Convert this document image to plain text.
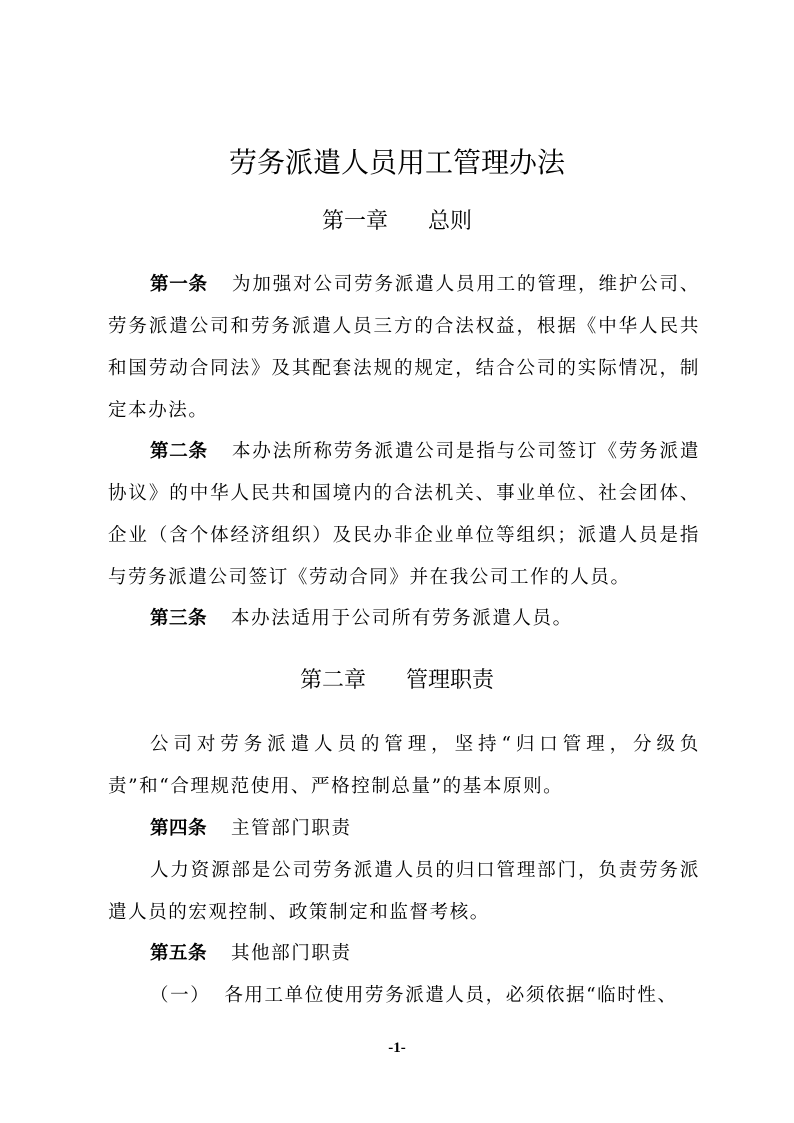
劳务派遣人员用工管理办法
第一章 总则

第一条 为加强对公司劳务派遣人员用工的管理，维护公司、劳务派遣公司和劳务派遣人员三方的合法权益，根据《中华人民共和国劳动合同法》及其配套法规的规定，结合公司的实际情况，制定本办法。

第二条 本办法所称劳务派遣公司是指与公司签订《劳务派遣协议》的中华人民共和国境内的合法机关、事业单位、社会团体、企业（含个体经济组织）及民办非企业单位等组织；派遣人员是指与劳务派遣公司签订《劳动合同》并在我公司工作的人员。

第三条 本办法适用于公司所有劳务派遣人员。

第二章 管理职责

公司对劳务派遣人员的管理，坚持“归口管理，分级负责”和“合理规范使用、严格控制总量”的基本原则。

第四条 主管部门职责

人力资源部是公司劳务派遣人员的归口管理部门，负责劳务派遣人员的宏观控制、政策制定和监督考核。

第五条 其他部门职责

（一） 各用工单位使用劳务派遣人员，必须依据“临时性、

-1-
